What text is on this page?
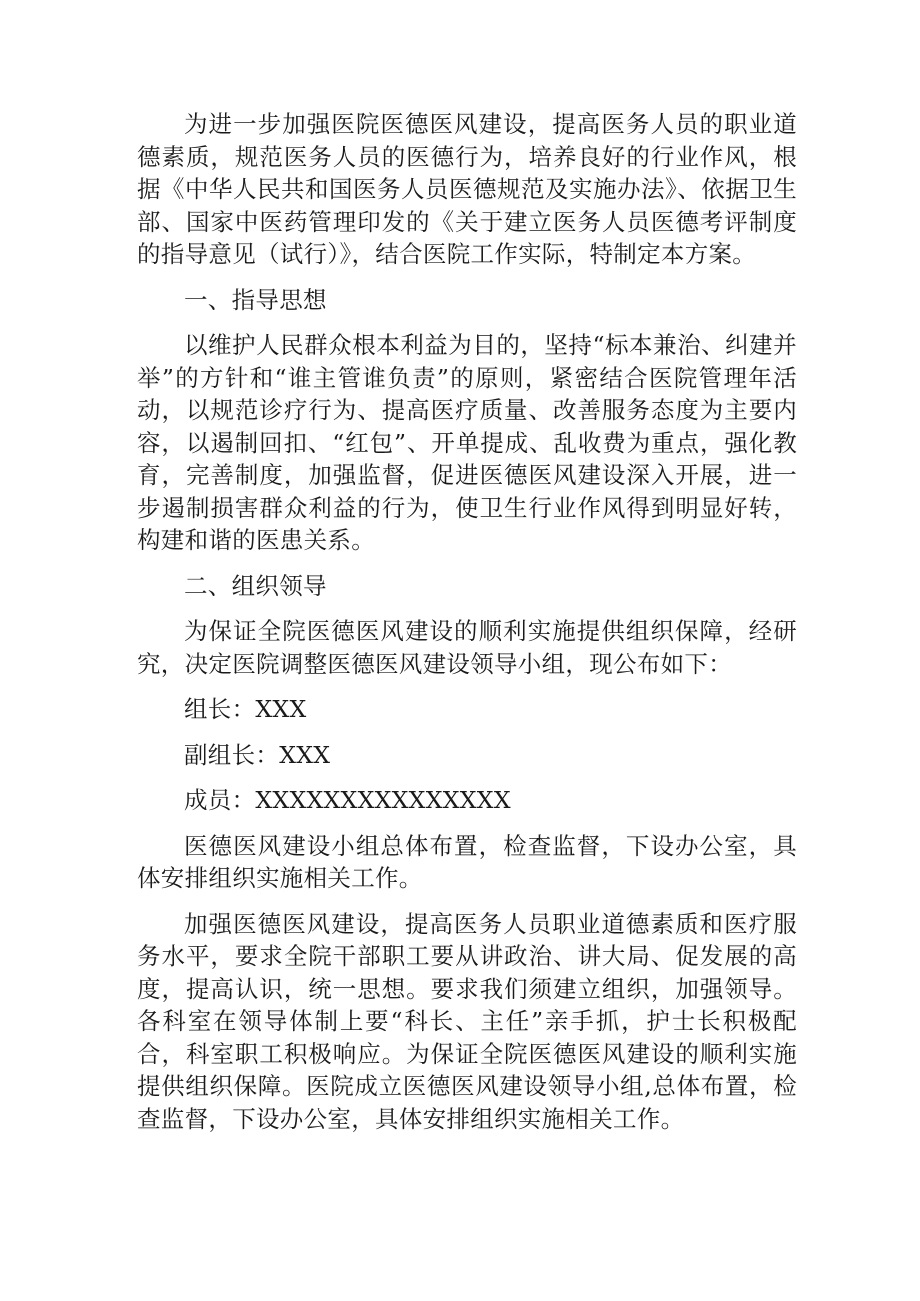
为进一步加强医院医德医风建设，提高医务人员的职业道德素质，规范医务人员的医德行为，培养良好的行业作风，根据《中华人民共和国医务人员医德规范及实施办法》、依据卫生部、国家中医药管理印发的《关于建立医务人员医德考评制度的指导意见（试行）》，结合医院工作实际，特制定本方案。

一、指导思想

以维护人民群众根本利益为目的，坚持“标本兼治、纠建并举”的方针和“谁主管谁负责”的原则，紧密结合医院管理年活动，以规范诊疗行为、提高医疗质量、改善服务态度为主要内容，以遏制回扣、“红包”、开单提成、乱收费为重点，强化教育，完善制度，加强监督，促进医德医风建设深入开展，进一步遏制损害群众利益的行为，使卫生行业作风得到明显好转，构建和谐的医患关系。

二、组织领导

为保证全院医德医风建设的顺利实施提供组织保障，经研究，决定医院调整医德医风建设领导小组，现公布如下：

组长：XXX

副组长：XXX

成员：XXXXXXXXXXXXXXX

医德医风建设小组总体布置，检查监督，下设办公室，具体安排组织实施相关工作。

加强医德医风建设，提高医务人员职业道德素质和医疗服务水平，要求全院干部职工要从讲政治、讲大局、促发展的高度，提高认识，统一思想。要求我们须建立组织，加强领导。各科室在领导体制上要“科长、主任”亲手抓，护士长积极配合，科室职工积极响应。为保证全院医德医风建设的顺利实施提供组织保障。医院成立医德医风建设领导小组,总体布置，检查监督，下设办公室，具体安排组织实施相关工作。
